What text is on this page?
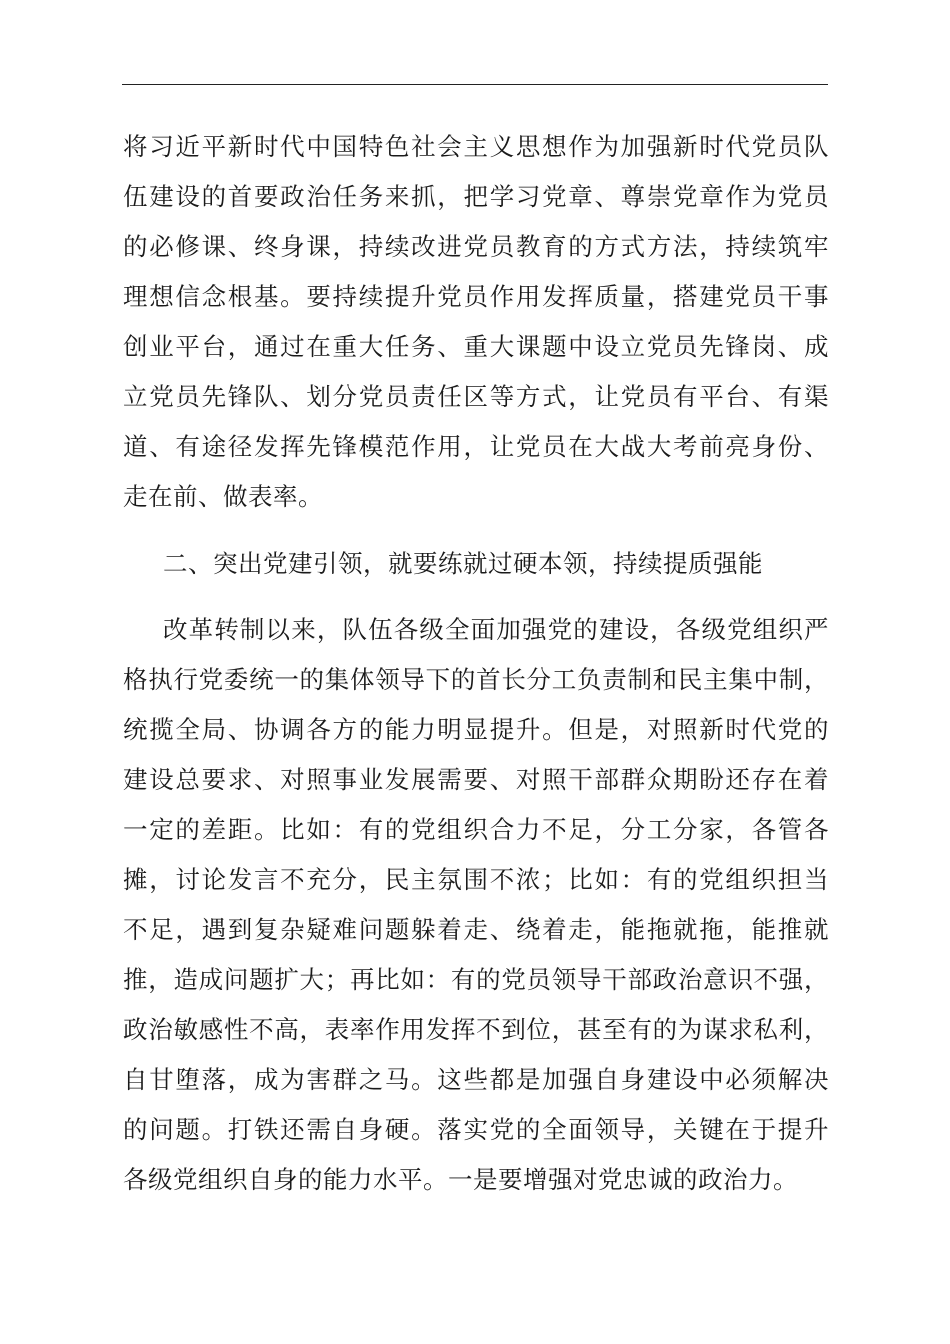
将习近平新时代中国特色社会主义思想作为加强新时代党员队
伍建设的首要政治任务来抓，把学习党章、尊崇党章作为党员
的必修课、终身课，持续改进党员教育的方式方法，持续筑牢
理想信念根基。要持续提升党员作用发挥质量，搭建党员干事
创业平台，通过在重大任务、重大课题中设立党员先锋岗、成
立党员先锋队、划分党员责任区等方式，让党员有平台、有渠
道、有途径发挥先锋模范作用，让党员在大战大考前亮身份、
走在前、做表率。
二、突出党建引领，就要练就过硬本领，持续提质强能
改革转制以来，队伍各级全面加强党的建设，各级党组织严
格执行党委统一的集体领导下的首长分工负责制和民主集中制，
统揽全局、协调各方的能力明显提升。但是，对照新时代党的
建设总要求、对照事业发展需要、对照干部群众期盼还存在着
一定的差距。比如：有的党组织合力不足，分工分家，各管各
摊，讨论发言不充分，民主氛围不浓；比如：有的党组织担当
不足，遇到复杂疑难问题躲着走、绕着走，能拖就拖，能推就
推，造成问题扩大；再比如：有的党员领导干部政治意识不强，
政治敏感性不高，表率作用发挥不到位，甚至有的为谋求私利，
自甘堕落，成为害群之马。这些都是加强自身建设中必须解决
的问题。打铁还需自身硬。落实党的全面领导，关键在于提升
各级党组织自身的能力水平。一是要增强对党忠诚的政治力。
